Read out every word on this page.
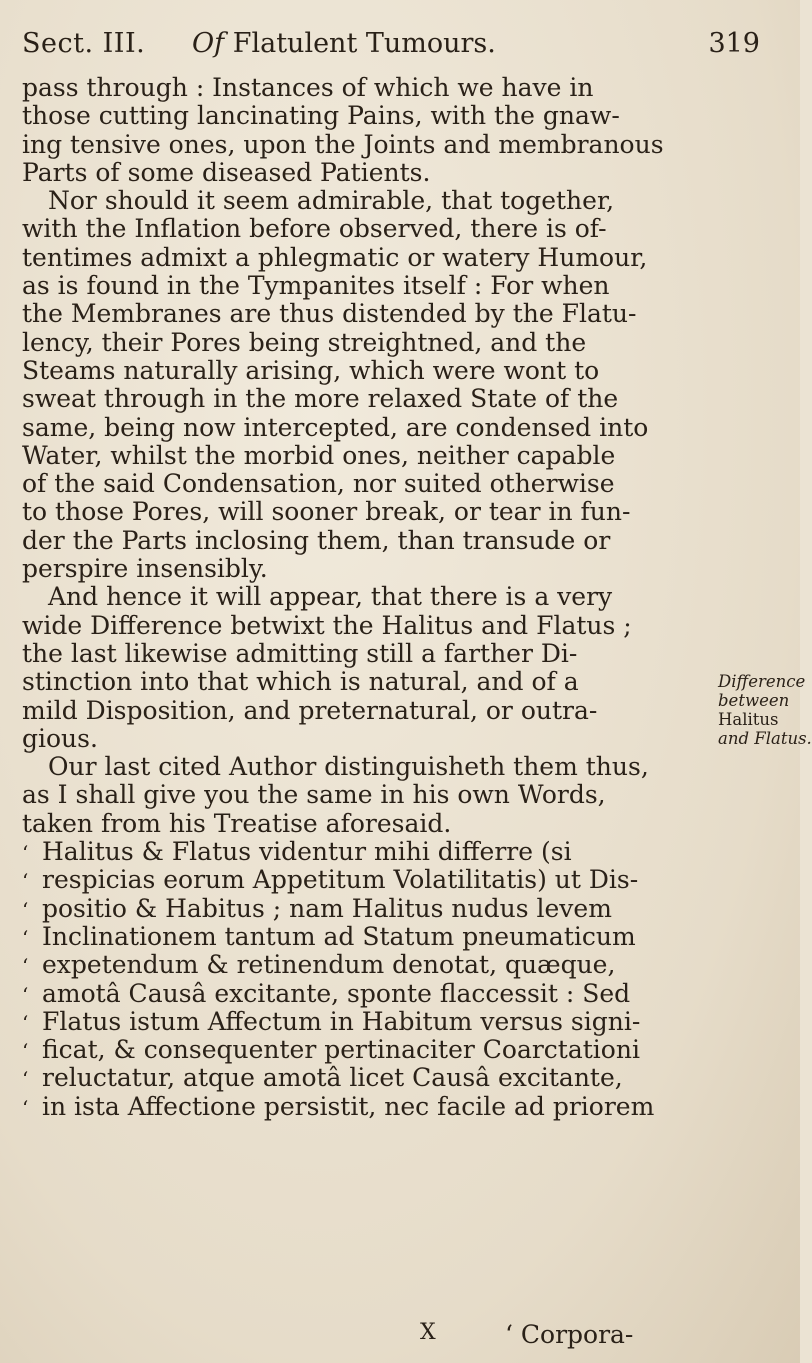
Sect. III. Of Flatulent Tumours.	319
pass through : Instances of which we have in
those cutting lancinating Pains, with the gnaw-
ing tensive ones, upon the Joints and membranous
Parts of some diseased Patients.
Nor should it seem admirable, that together,
with the Inflation before observed, there is of-
tentimes admixt a phlegmatic or watery Humour,
as is found in the Tympanites itself : For when
the Membranes are thus distended by the Flatu-
lency, their Pores being streightned, and the
Steams naturally arising, which were wont to
sweat through in the more relaxed State of the
same, being now intercepted, are condensed into
Water, whilst the morbid ones, neither capable
of the said Condensation, nor suited otherwise
to those Pores, will sooner break, or tear in fun-
der the Parts inclosing them, than transude or
perspire insensibly.
And hence it will appear, that there is a very
wide Difference betwixt the Halitus and Flatus ;
the last likewise admitting still a farther Di-
stinction into that which is natural, and of a
mild Disposition, and preternatural, or outra-
gious.
Our last cited Author distinguisheth them thus,
as I shall give you the same in his own Words,
taken from his Treatise aforesaid.
‘ Halitus & Flatus videntur mihi differre (si
‘ respicias eorum Appetitum Volatilitatis) ut Dis-
‘ positio & Habitus ; nam Halitus nudus levem
‘ Inclinationem tantum ad Statum pneumaticum
‘ expetendum & retinendum denotat, quæque,
‘ amotâ Causâ excitante, sponte flaccessit : Sed
‘ Flatus istum Affectum in Habitum versus signi-
‘ ficat, & consequenter pertinaciter Coarctationi
‘ reluctatur, atque amotâ licet Causâ excitante,
‘ in ista Affectione persistit, nec facile ad priorem
Difference
between
Halitus
and Flatus.
X	‘ Corpora-
